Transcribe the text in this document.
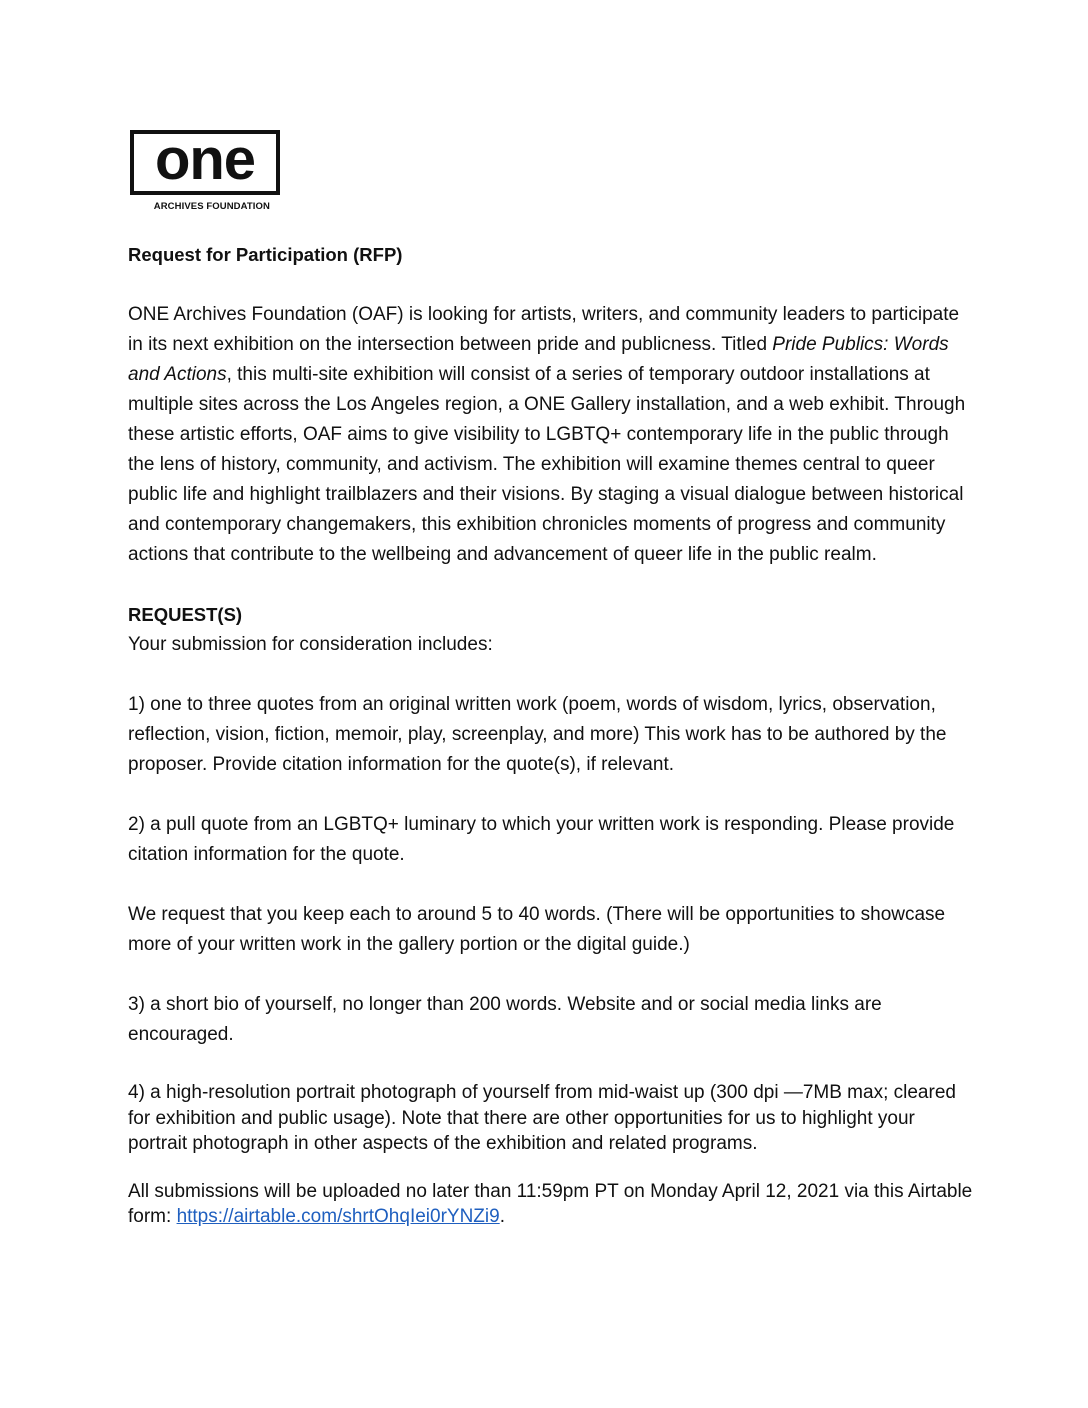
one
ARCHIVES FOUNDATION

Request for Participation (RFP)

ONE Archives Foundation (OAF) is looking for artists, writers, and community leaders to participate in its next exhibition on the intersection between pride and publicness. Titled Pride Publics: Words and Actions, this multi-site exhibition will consist of a series of temporary outdoor installations at multiple sites across the Los Angeles region, a ONE Gallery installation, and a web exhibit. Through these artistic efforts, OAF aims to give visibility to LGBTQ+ contemporary life in the public through the lens of history, community, and activism. The exhibition will examine themes central to queer public life and highlight trailblazers and their visions. By staging a visual dialogue between historical and contemporary changemakers, this exhibition chronicles moments of progress and community actions that contribute to the wellbeing and advancement of queer life in the public realm.

REQUEST(S)

Your submission for consideration includes:

1) one to three quotes from an original written work (poem, words of wisdom, lyrics, observation, reflection, vision, fiction, memoir, play, screenplay, and more) This work has to be authored by the proposer. Provide citation information for the quote(s), if relevant.

2) a pull quote from an LGBTQ+ luminary to which your written work is responding. Please provide citation information for the quote.

We request that you keep each to around 5 to 40 words. (There will be opportunities to showcase more of your written work in the gallery portion or the digital guide.)

3) a short bio of yourself, no longer than 200 words. Website and or social media links are encouraged.

4) a high-resolution portrait photograph of yourself from mid-waist up (300 dpi —7MB max; cleared for exhibition and public usage). Note that there are other opportunities for us to highlight your portrait photograph in other aspects of the exhibition and related programs.

All submissions will be uploaded no later than 11:59pm PT on Monday April 12, 2021 via this Airtable form: https://airtable.com/shrtOhqIei0rYNZi9.
